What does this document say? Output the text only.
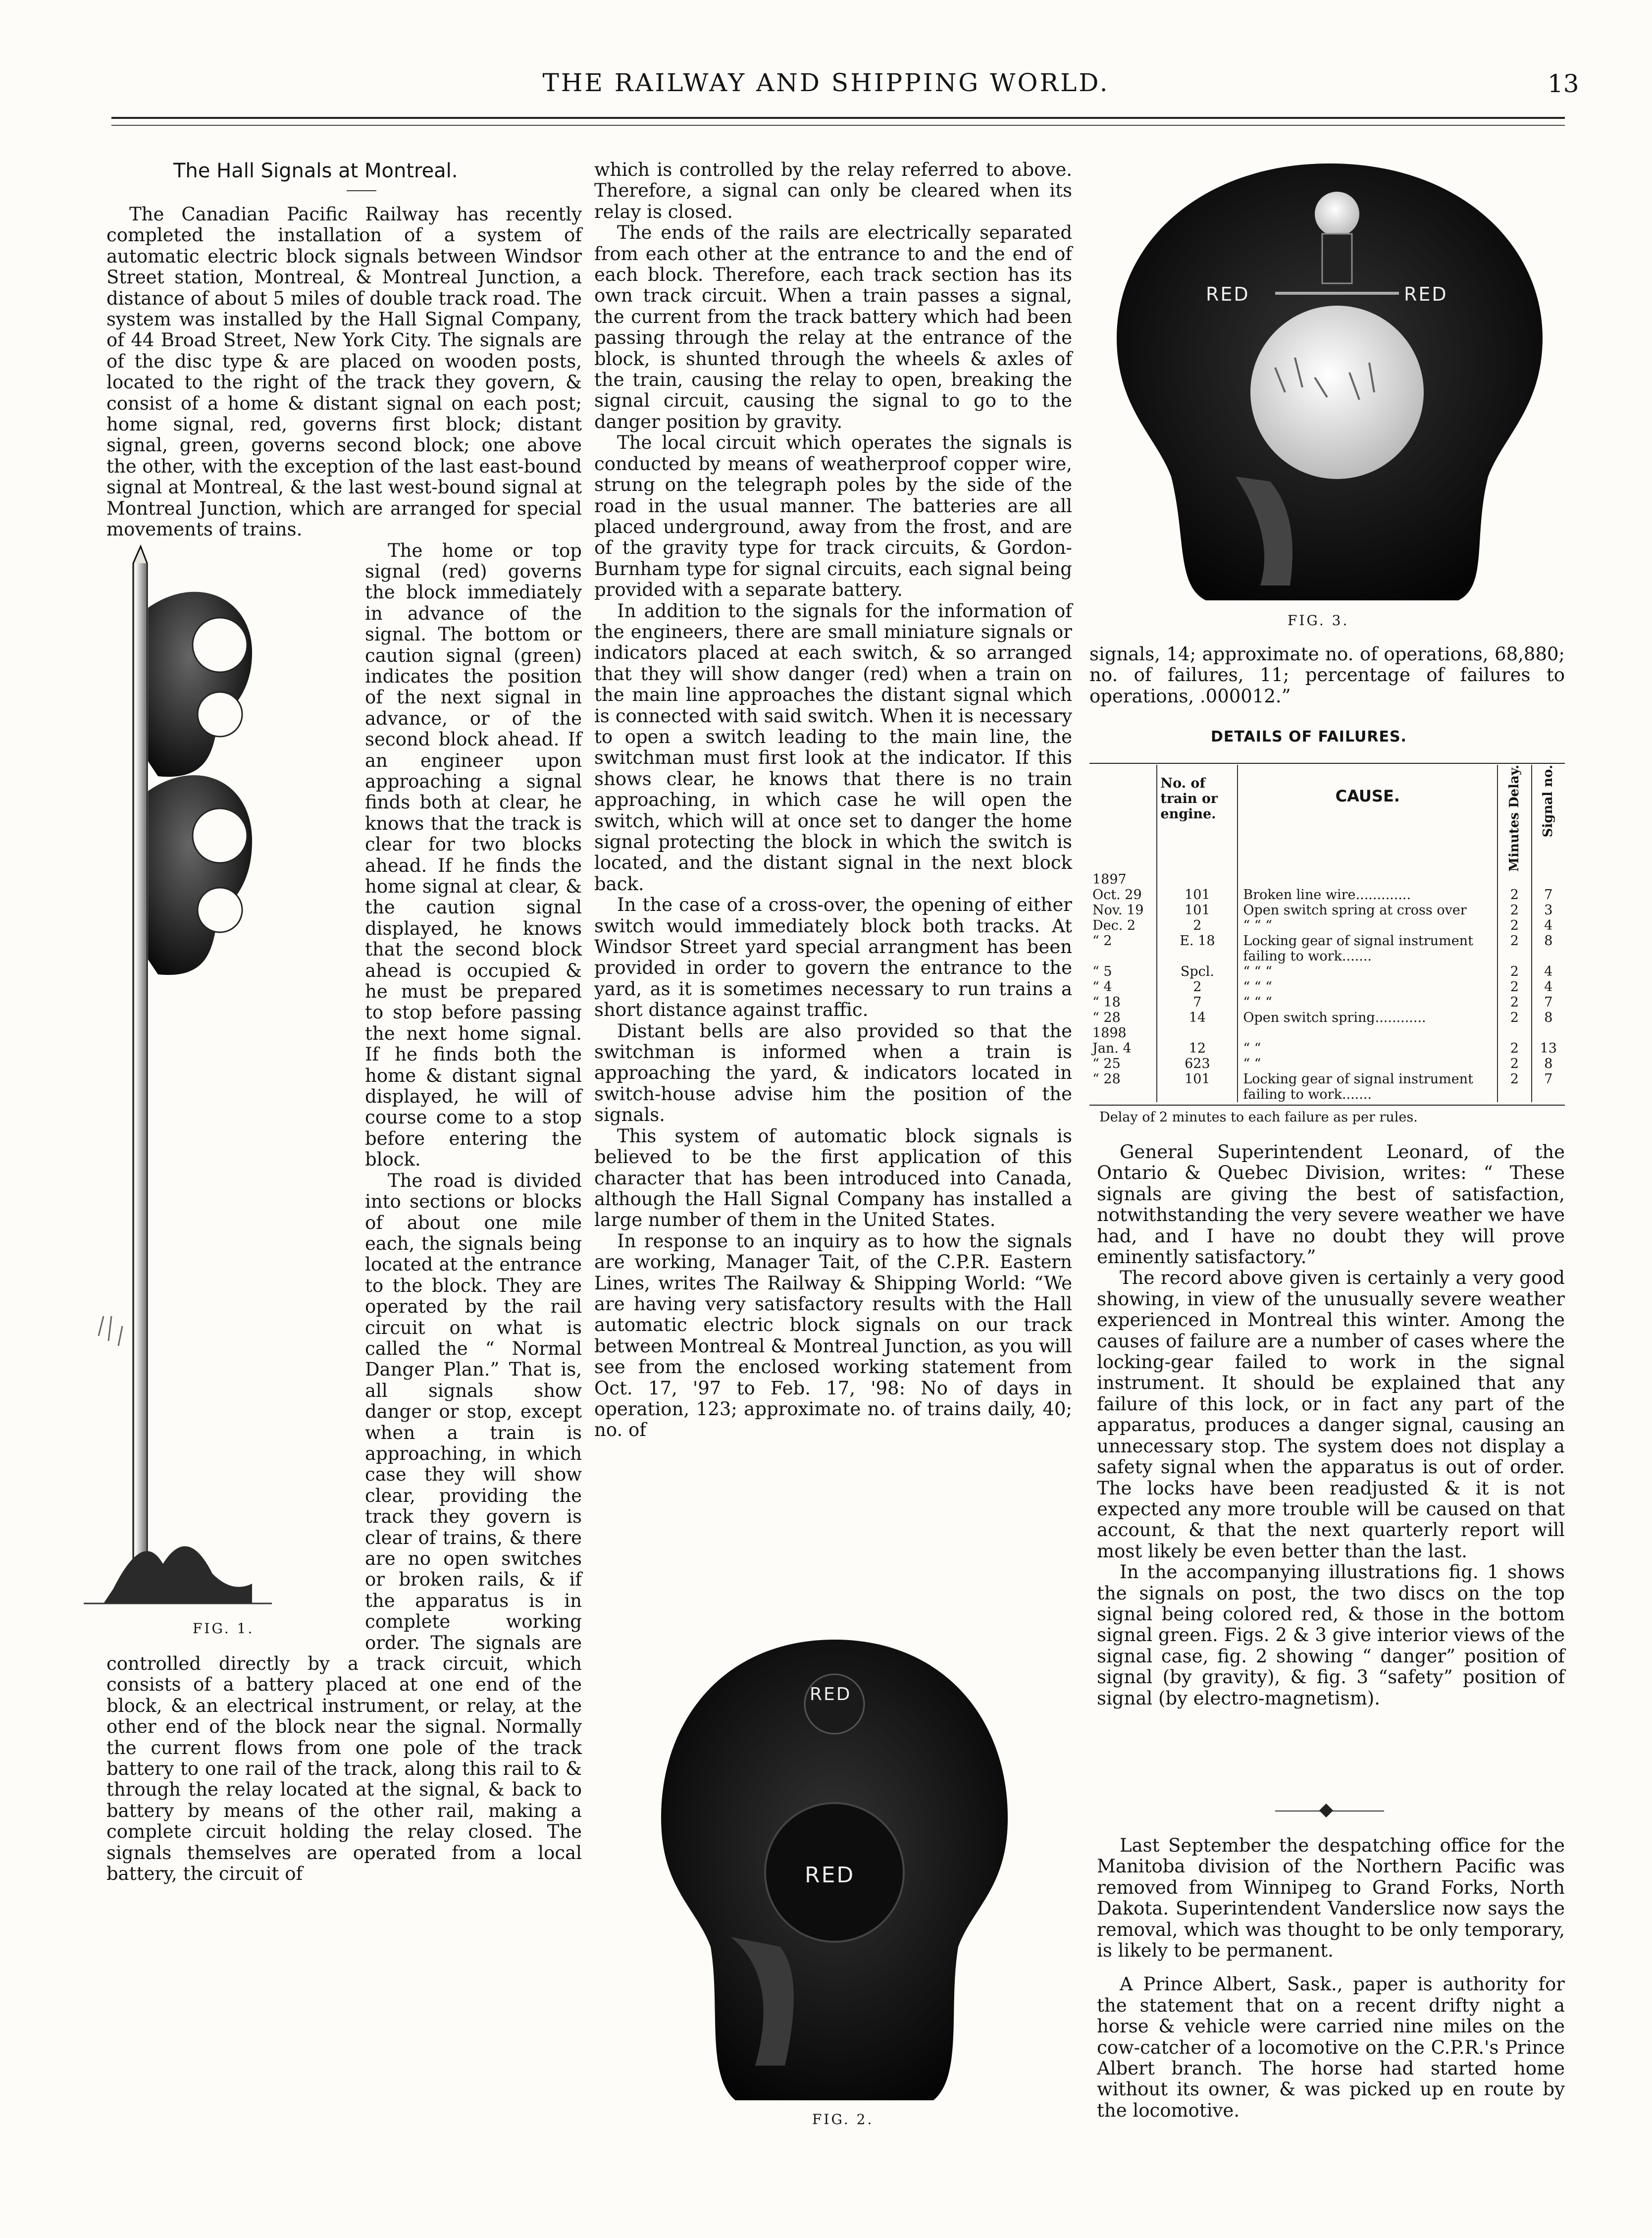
THE RAILWAY AND SHIPPING WORLD.	13
The Hall Signals at Montreal.

The Canadian Pacific Railway has recently completed the installation of a system of automatic electric block signals between Windsor Street station, Montreal, & Montreal Junction, a distance of about 5 miles of double track road. The system was installed by the Hall Signal Company, of 44 Broad Street, New York City. The signals are of the disc type & are placed on wooden posts, located to the right of the track they govern, & consist of a home & distant signal on each post; home signal, red, governs first block; distant signal, green, governs second block; one above the other, with the exception of the last east-bound signal at Montreal, & the last west-bound signal at Montreal Junction, which are arranged for special movements of trains.

FIG. 1.

The home or top signal (red) governs the block immediately in advance of the signal. The bottom or caution signal (green) indicates the position of the next signal in advance, or of the second block ahead. If an engineer upon approaching a signal finds both at clear, he knows that the track is clear for two blocks ahead. If he finds the home signal at clear, & the caution signal displayed, he knows that the second block ahead is occupied & he must be prepared to stop before passing the next home signal. If he finds both the home & distant signal displayed, he will of course come to a stop before entering the block.

The road is divided into sections or blocks of about one mile each, the signals being located at the entrance to the block. They are operated by the rail circuit on what is called the “ Normal Danger Plan.” That is, all signals show danger or stop, except when a train is approaching, in which case they will show clear, providing the track they govern is clear of trains, & there are no open switches or broken rails, & if the apparatus is in complete working order. The signals are controlled directly by a track circuit, which consists of a battery placed at one end of the block, & an electrical instrument, or relay, at the other end of the block near the signal. Normally the current flows from one pole of the track battery to one rail of the track, along this rail to & through the relay located at the signal, & back to battery by means of the other rail, making a complete circuit holding the relay closed. The signals themselves are operated from a local battery, the circuit of

which is controlled by the relay referred to above. Therefore, a signal can only be cleared when its relay is closed.

The ends of the rails are electrically separated from each other at the entrance to and the end of each block. Therefore, each track section has its own track circuit. When a train passes a signal, the current from the track battery which had been passing through the relay at the entrance of the block, is shunted through the wheels & axles of the train, causing the relay to open, breaking the signal circuit, causing the signal to go to the danger position by gravity.

The local circuit which operates the signals is conducted by means of weatherproof copper wire, strung on the telegraph poles by the side of the road in the usual manner. The batteries are all placed underground, away from the frost, and are of the gravity type for track circuits, & Gordon-Burnham type for signal circuits, each signal being provided with a separate battery.

In addition to the signals for the information of the engineers, there are small miniature signals or indicators placed at each switch, & so arranged that they will show danger (red) when a train on the main line approaches the distant signal which is connected with said switch. When it is necessary to open a switch leading to the main line, the switchman must first look at the indicator. If this shows clear, he knows that there is no train approaching, in which case he will open the switch, which will at once set to danger the home signal protecting the block in which the switch is located, and the distant signal in the next block back.

In the case of a cross-over, the opening of either switch would immediately block both tracks. At Windsor Street yard special arrangment has been provided in order to govern the entrance to the yard, as it is sometimes necessary to run trains a short distance against traffic.

Distant bells are also provided so that the switchman is informed when a train is approaching the yard, & indicators located in switch-house advise him the position of the signals.

This system of automatic block signals is believed to be the first application of this character that has been introduced into Canada, although the Hall Signal Company has installed a large number of them in the United States.

In response to an inquiry as to how the signals are working, Manager Tait, of the C.P.R. Eastern Lines, writes The Railway & Shipping World: “We are having very satisfactory results with the Hall automatic electric block signals on our track between Montreal & Montreal Junction, as you will see from the enclosed working statement from Oct. 17, '97 to Feb. 17, '98: No of days in operation, 123; approximate no. of trains daily, 40; no. of

RED
RED
FIG. 2.
RED	RED
FIG. 3.

signals, 14; approximate no. of operations, 68,880; no. of failures, 11; percentage of failures to operations, .000012.”

DETAILS OF FAILURES.
	No. of train or engine.	CAUSE.	Minutes Delay.	Signal no.

1897				
Oct. 29	101	Broken line wire.............	2	7
Nov. 19	101	Open switch spring at cross over	2	3
Dec. 2	2	“ “ “	2	4
“ 2	E. 18	Locking gear of signal instrument failing to work.......	2	8
“ 5	Spcl.	“ “ “	2	4
“ 4	2	“ “ “	2	4
“ 18	7	“ “ “	2	7
“ 28	14	Open switch spring............	2	8
1898				
Jan. 4	12	“ “	2	13
“ 25	623	“ “	2	8
“ 28	101	Locking gear of signal instrument failing to work.......	2	7
Delay of 2 minutes to each failure as per rules.

General Superintendent Leonard, of the Ontario & Quebec Division, writes: “ These signals are giving the best of satisfaction, notwithstanding the very severe weather we have had, and I have no doubt they will prove eminently satisfactory.”

The record above given is certainly a very good showing, in view of the unusually severe weather experienced in Montreal this winter. Among the causes of failure are a number of cases where the locking-gear failed to work in the signal instrument. It should be explained that any failure of this lock, or in fact any part of the apparatus, produces a danger signal, causing an unnecessary stop. The system does not display a safety signal when the apparatus is out of order. The locks have been readjusted & it is not expected any more trouble will be caused on that account, & that the next quarterly report will most likely be even better than the last.

In the accompanying illustrations fig. 1 shows the signals on post, the two discs on the top signal being colored red, & those in the bottom signal green. Figs. 2 & 3 give interior views of the signal case, fig. 2 showing “ danger” position of signal (by gravity), & fig. 3 “safety” position of signal (by electro-magnetism).

Last September the despatching office for the Manitoba division of the Northern Pacific was removed from Winnipeg to Grand Forks, North Dakota. Superintendent Vanderslice now says the removal, which was thought to be only temporary, is likely to be permanent.

A Prince Albert, Sask., paper is authority for the statement that on a recent drifty night a horse & vehicle were carried nine miles on the cow-catcher of a locomotive on the C.P.R.'s Prince Albert branch. The horse had started home without its owner, & was picked up en route by the locomotive.
